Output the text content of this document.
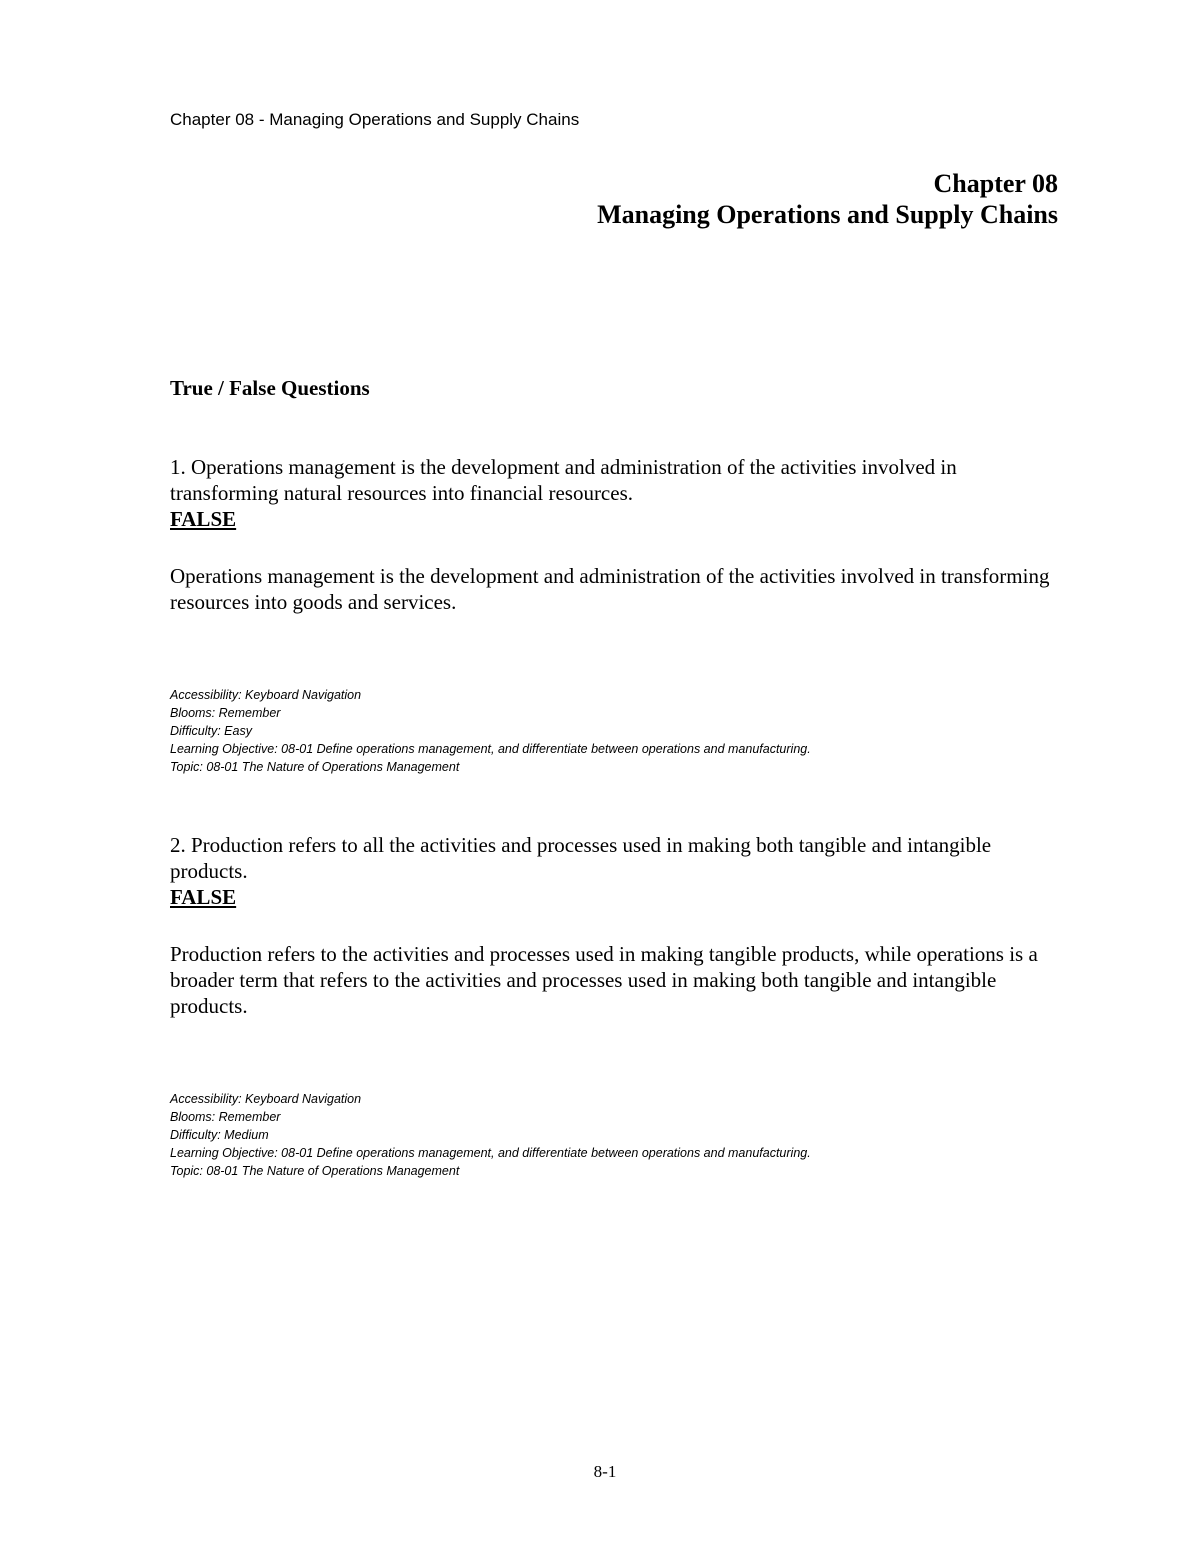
Chapter 08 - Managing Operations and Supply Chains
Chapter 08
Managing Operations and Supply Chains
True / False Questions
1. Operations management is the development and administration of the activities involved in transforming natural resources into financial resources.
FALSE
Operations management is the development and administration of the activities involved in transforming resources into goods and services.
Accessibility: Keyboard Navigation
Blooms: Remember
Difficulty: Easy
Learning Objective: 08-01 Define operations management, and differentiate between operations and manufacturing.
Topic: 08-01 The Nature of Operations Management
2. Production refers to all the activities and processes used in making both tangible and intangible products.
FALSE
Production refers to the activities and processes used in making tangible products, while operations is a broader term that refers to the activities and processes used in making both tangible and intangible products.
Accessibility: Keyboard Navigation
Blooms: Remember
Difficulty: Medium
Learning Objective: 08-01 Define operations management, and differentiate between operations and manufacturing.
Topic: 08-01 The Nature of Operations Management
8-1
